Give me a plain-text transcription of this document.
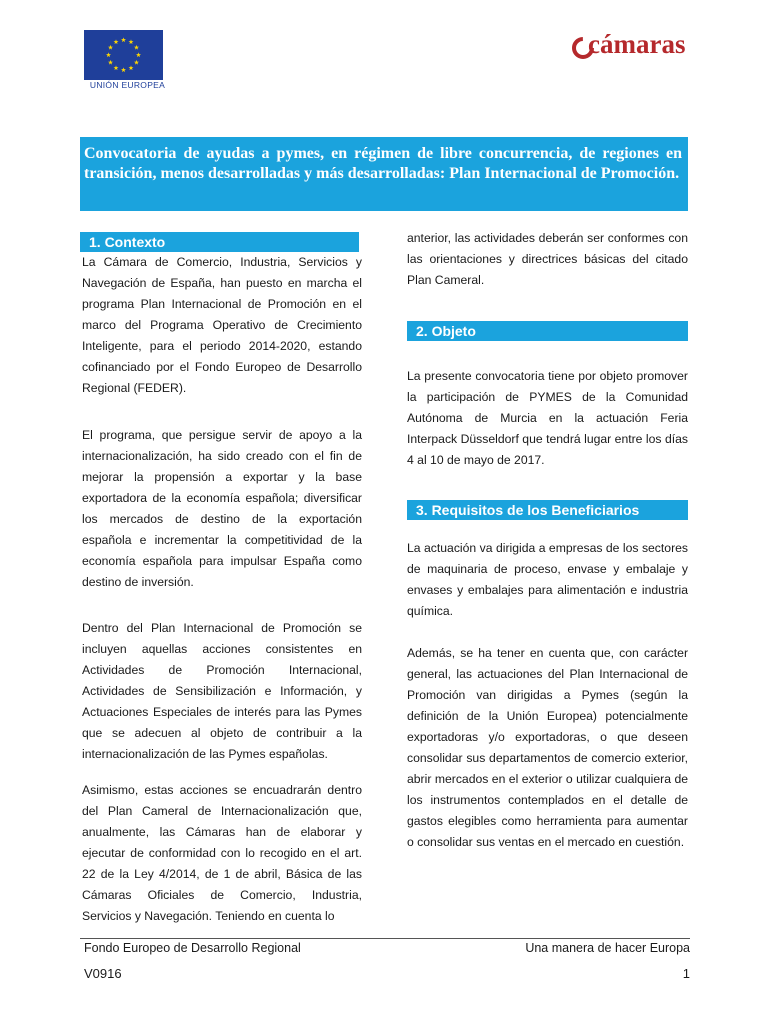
UNIÓN EUROPEA
cámaras
Convocatoria de ayudas a pymes, en régimen de libre concurrencia, de regiones en transición, menos desarrolladas y más desarrolladas: Plan Internacional de Promoción.
1. Contexto
La Cámara de Comercio, Industria, Servicios y Navegación de España, han puesto en marcha el programa Plan Internacional de Promoción en el marco del Programa Operativo de Crecimiento Inteligente, para el periodo 2014-2020, estando cofinanciado por el Fondo Europeo de Desarrollo Regional (FEDER).
El programa, que persigue servir de apoyo a la internacionalización, ha sido creado con el fin de mejorar la propensión a exportar y la base exportadora de la economía española; diversificar los mercados de destino de la exportación española e incrementar la competitividad de la economía española para impulsar España como destino de inversión.
Dentro del Plan Internacional de Promoción se incluyen aquellas acciones consistentes en Actividades de Promoción Internacional, Actividades de Sensibilización e Información, y Actuaciones Especiales de interés para las Pymes que se adecuen al objeto de contribuir a la internacionalización de las Pymes españolas.
Asimismo, estas acciones se encuadrarán dentro del Plan Cameral de Internacionalización que, anualmente, las Cámaras han de elaborar y ejecutar de conformidad con lo recogido en el art. 22 de la Ley 4/2014, de 1 de abril, Básica de las Cámaras Oficiales de Comercio, Industria, Servicios y Navegación. Teniendo en cuenta lo
anterior, las actividades deberán ser conformes con las orientaciones y directrices básicas del citado Plan Cameral.
2. Objeto
La presente convocatoria tiene por objeto promover la participación de PYMES de la Comunidad Autónoma de Murcia en la actuación Feria Interpack Düsseldorf que tendrá lugar entre los días 4 al 10 de mayo de 2017.
3. Requisitos de los Beneficiarios
La actuación va dirigida a empresas de los sectores de maquinaria de proceso, envase y embalaje y envases y embalajes para alimentación e industria química.
Además, se ha tener en cuenta que, con carácter general, las actuaciones del Plan Internacional de Promoción van dirigidas a Pymes (según la definición de la Unión Europea) potencialmente exportadoras y/o exportadoras, o que deseen consolidar sus departamentos de comercio exterior, abrir mercados en el exterior o utilizar cualquiera de los instrumentos contemplados en el detalle de gastos elegibles como herramienta para aumentar o consolidar sus ventas en el mercado en cuestión.
Fondo Europeo de Desarrollo Regional	Una manera de hacer Europa
V0916	1
